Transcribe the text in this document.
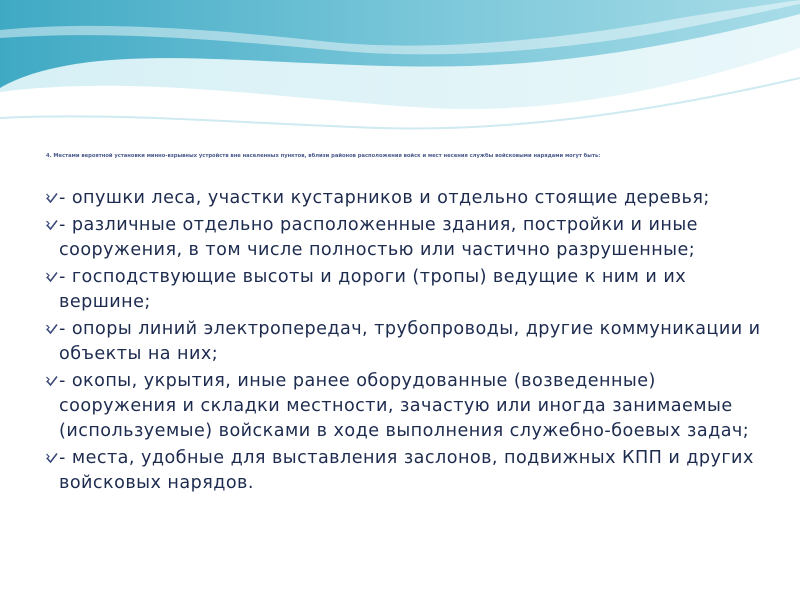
4. Местами вероятной установки минно-взрывных устройств вне населенных пунктов, вблизи районов расположения войск и мест несения службы войсковыми нарядами могут быть:

- опушки леса, участки кустарников и отдельно стоящие деревья;
- различные отдельно расположенные здания, постройки и иные сооружения, в том числе полностью или частично разрушенные;
- господствующие высоты и дороги (тропы) ведущие к ним и их вершине;
- опоры линий электропередач, трубопроводы, другие коммуникации и объекты на них;
- окопы, укрытия, иные ранее оборудованные (возведенные) сооружения и складки местности, зачастую или иногда занимаемые (используемые) войсками в ходе выполнения служебно-боевых задач;
- места, удобные для выставления заслонов, подвижных КПП и других войсковых нарядов.
